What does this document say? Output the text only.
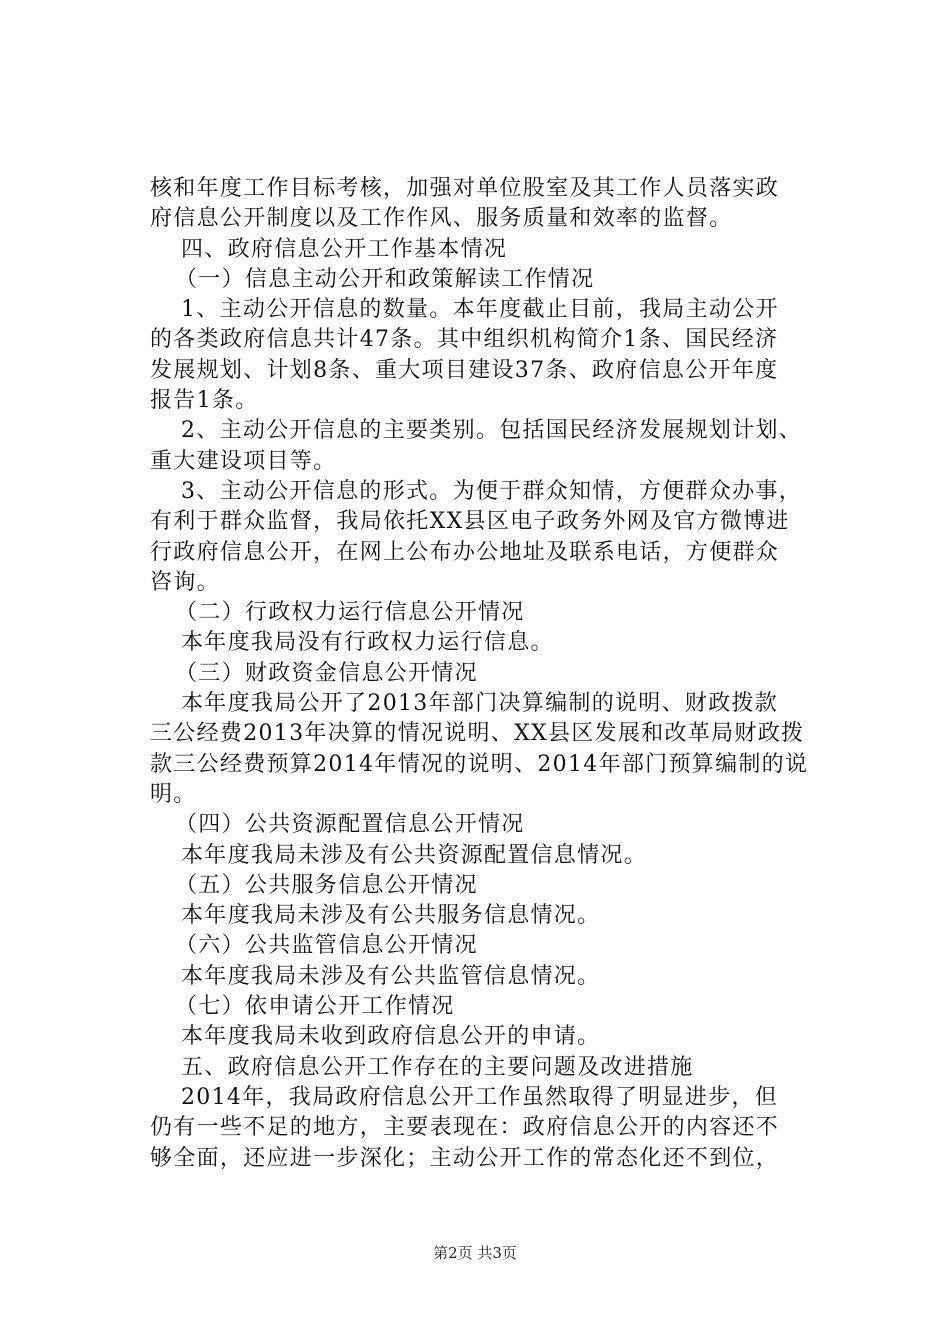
核和年度工作目标考核，加强对单位股室及其工作人员落实政
府信息公开制度以及工作作风、服务质量和效率的监督。
四、政府信息公开工作基本情况
（一）信息主动公开和政策解读工作情况
1、主动公开信息的数量。本年度截止目前，我局主动公开
的各类政府信息共计47条。其中组织机构简介1条、国民经济
发展规划、计划8条、重大项目建设37条、政府信息公开年度
报告1条。
2、主动公开信息的主要类别。包括国民经济发展规划计划、
重大建设项目等。
3、主动公开信息的形式。为便于群众知情，方便群众办事，
有利于群众监督，我局依托XX县区电子政务外网及官方微博进
行政府信息公开，在网上公布办公地址及联系电话，方便群众
咨询。
（二）行政权力运行信息公开情况
本年度我局没有行政权力运行信息。
（三）财政资金信息公开情况
本年度我局公开了2013年部门决算编制的说明、财政拨款
三公经费2013年决算的情况说明、XX县区发展和改革局财政拨
款三公经费预算2014年情况的说明、2014年部门预算编制的说
明。
（四）公共资源配置信息公开情况
本年度我局未涉及有公共资源配置信息情况。
（五）公共服务信息公开情况
本年度我局未涉及有公共服务信息情况。
（六）公共监管信息公开情况
本年度我局未涉及有公共监管信息情况。
（七）依申请公开工作情况
本年度我局未收到政府信息公开的申请。
五、政府信息公开工作存在的主要问题及改进措施
2014年，我局政府信息公开工作虽然取得了明显进步，但
仍有一些不足的地方，主要表现在：政府信息公开的内容还不
够全面，还应进一步深化；主动公开工作的常态化还不到位，
第2页 共3页
